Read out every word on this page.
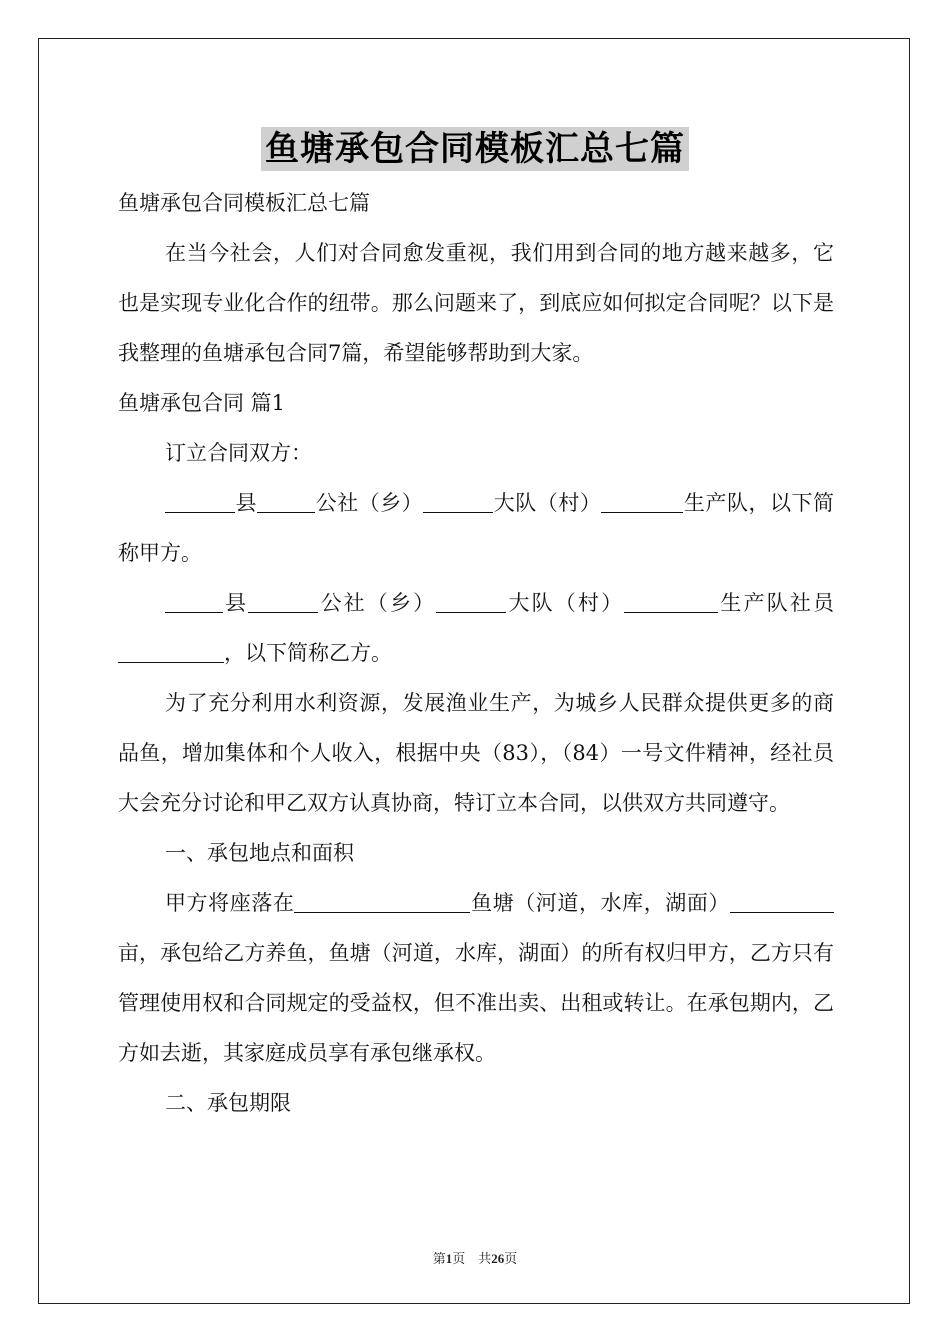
鱼塘承包合同模板汇总七篇

鱼塘承包合同模板汇总七篇

在当今社会，人们对合同愈发重视，我们用到合同的地方越来越多，它也是实现专业化合作的纽带。那么问题来了，到底应如何拟定合同呢？以下是我整理的鱼塘承包合同7篇，希望能够帮助到大家。

鱼塘承包合同 篇1

订立合同双方：

县	公社（乡）	大队（村）	生产队，以下简称甲方。

县	公社（乡）	大队（村）	生产队社员，以下简称乙方。

为了充分利用水利资源，发展渔业生产，为城乡人民群众提供更多的商品鱼，增加集体和个人收入，根据中央（83），（84）一号文件精神，经社员大会充分讨论和甲乙双方认真协商，特订立本合同，以供双方共同遵守。

一、承包地点和面积

甲方将座落在	鱼塘（河道，水库，湖面）亩，承包给乙方养鱼，鱼塘（河道，水库，湖面）的所有权归甲方，乙方只有管理使用权和合同规定的受益权，但不准出卖、出租或转让。在承包期内，乙方如去逝，其家庭成员享有承包继承权。

二、承包期限

第1页　共26页
